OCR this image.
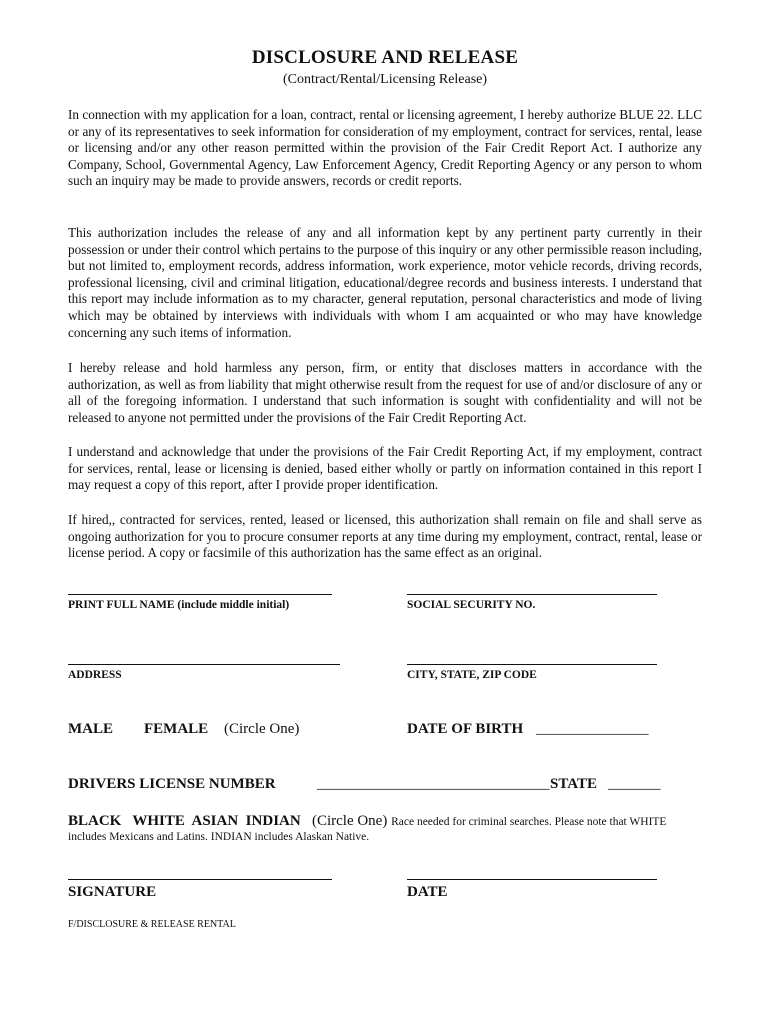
DISCLOSURE AND RELEASE
(Contract/Rental/Licensing Release)

In connection with my application for a loan, contract, rental or licensing agreement, I hereby authorize BLUE 22. LLC or any of its representatives to seek information for consideration of my employment, contract for services, rental, lease or licensing and/or any other reason permitted within the provision of the Fair Credit Report Act. I authorize any Company, School, Governmental Agency, Law Enforcement Agency, Credit Reporting Agency or any person to whom such an inquiry may be made to provide answers, records or credit reports.

This authorization includes the release of any and all information kept by any pertinent party currently in their possession or under their control which pertains to the purpose of this inquiry or any other permissible reason including, but not limited to, employment records, address information, work experience, motor vehicle records, driving records, professional licensing, civil and criminal litigation, educational/degree records and business interests. I understand that this report may include information as to my character, general reputation, personal characteristics and mode of living which may be obtained by interviews with individuals with whom I am acquainted or who may have knowledge concerning any such items of information.

I hereby release and hold harmless any person, firm, or entity that discloses matters in accordance with the authorization, as well as from liability that might otherwise result from the request for use of and/or disclosure of any or all of the foregoing information. I understand that such information is sought with confidentiality and will not be released to anyone not permitted under the provisions of the Fair Credit Reporting Act.

I understand and acknowledge that under the provisions of the Fair Credit Reporting Act, if my employment, contract for services, rental, lease or licensing is denied, based either wholly or partly on information contained in this report I may request a copy of this report, after I provide proper identification.

If hired,, contracted for services, rented, leased or licensed, this authorization shall remain on file and shall serve as ongoing authorization for you to procure consumer reports at any time during my employment, contract, rental, lease or license period. A copy or facsimile of this authorization has the same effect as an original.

PRINT FULL NAME (include middle initial)	SOCIAL SECURITY NO.
ADDRESS	CITY, STATE, ZIP CODE
MALE FEMALE (Circle One)	DATE OF BIRTH _______________
DRIVERS LICENSE NUMBER	_______________________________ STATE _______
BLACK   WHITE  ASIAN  INDIAN (Circle One) Race needed for criminal searches. Please note that WHITE
includes Mexicans and Latins. INDIAN includes Alaskan Native.
SIGNATURE	DATE
F/DISCLOSURE & RELEASE RENTAL
